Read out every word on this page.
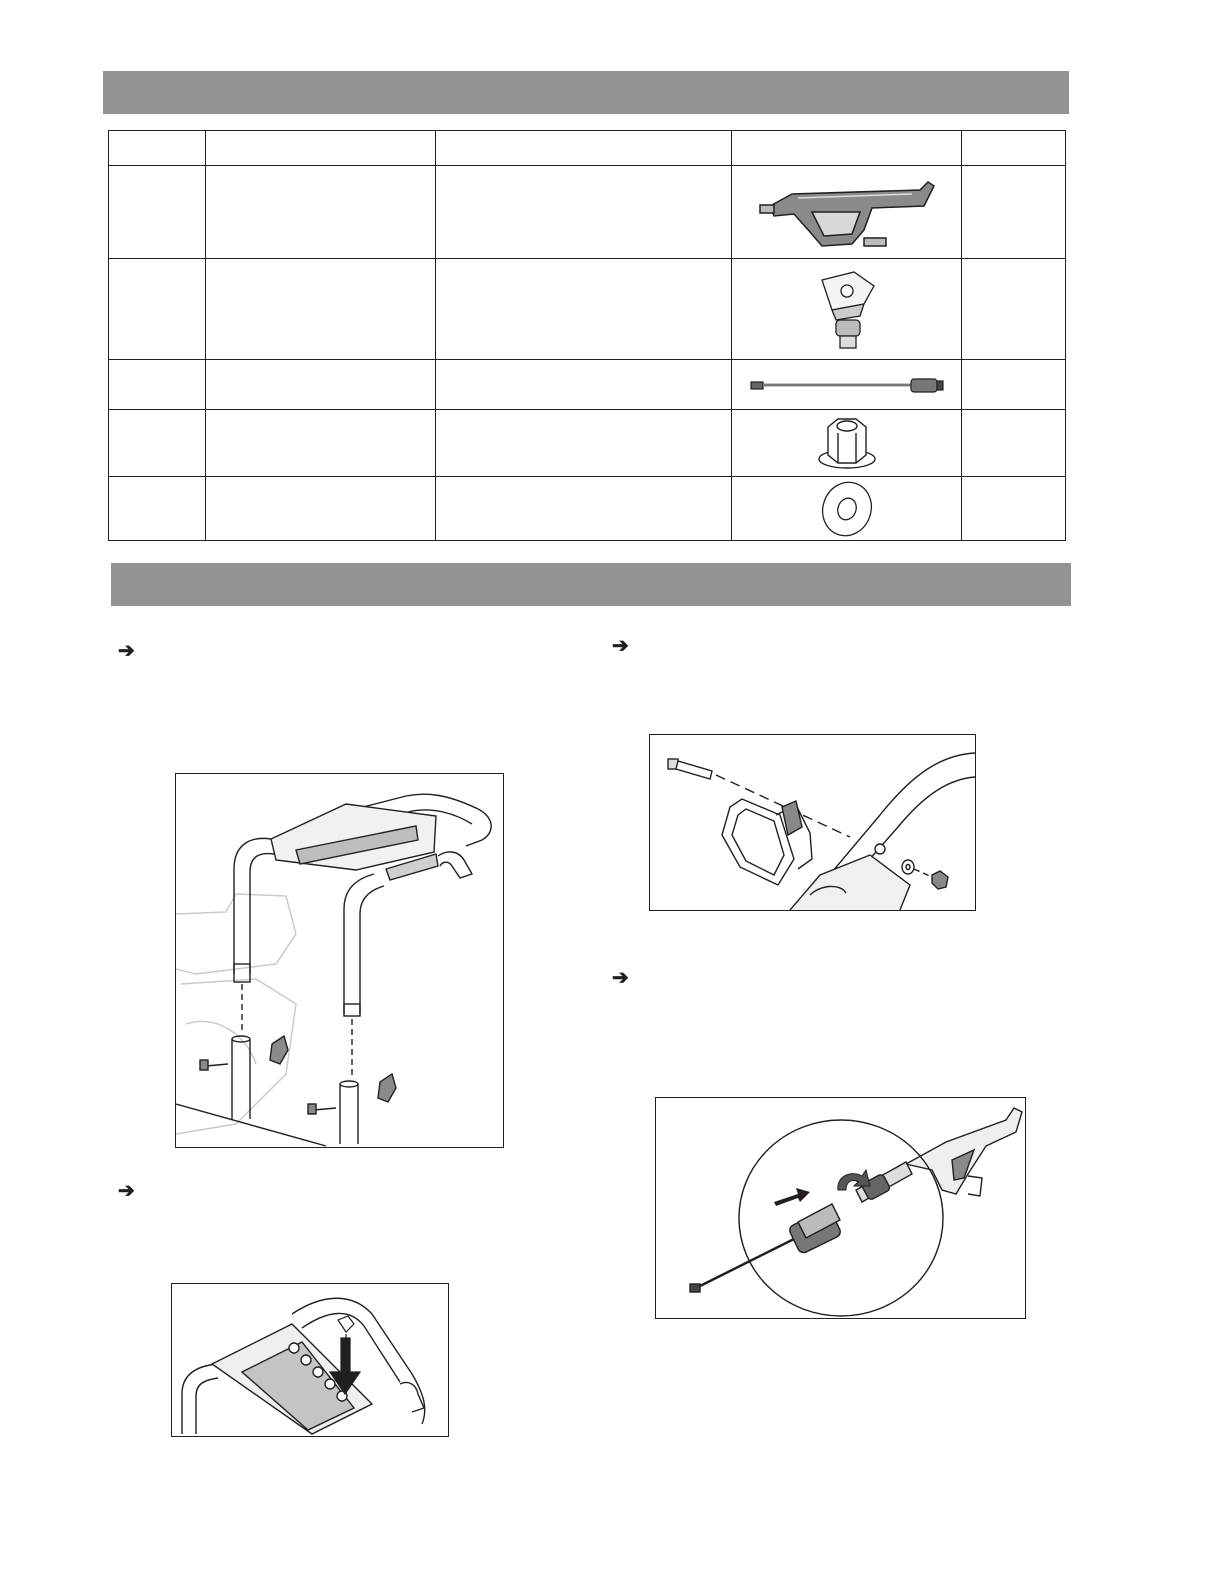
➔
➔
➔
➔
